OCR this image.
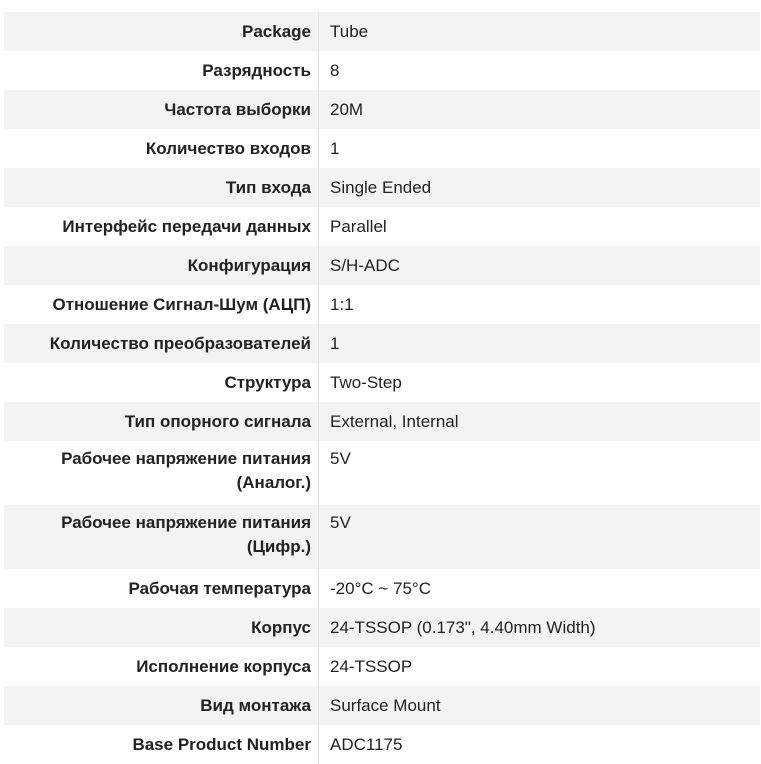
Package	Tube
Разрядность	8
Частота выборки	20M
Количество входов	1
Тип входа	Single Ended
Интерфейс передачи данных	Parallel
Конфигурация	S/H-ADC
Отношение Сигнал-Шум (АЦП)	1:1
Количество преобразователей	1
Структура	Two-Step
Тип опорного сигнала	External, Internal
Рабочее напряжение питания (Аналог.)	5V
Рабочее напряжение питания (Цифр.)	5V
Рабочая температура	-20°C ~ 75°C
Корпус	24-TSSOP (0.173", 4.40mm Width)
Исполнение корпуса	24-TSSOP
Вид монтажа	Surface Mount
Base Product Number	ADC1175
